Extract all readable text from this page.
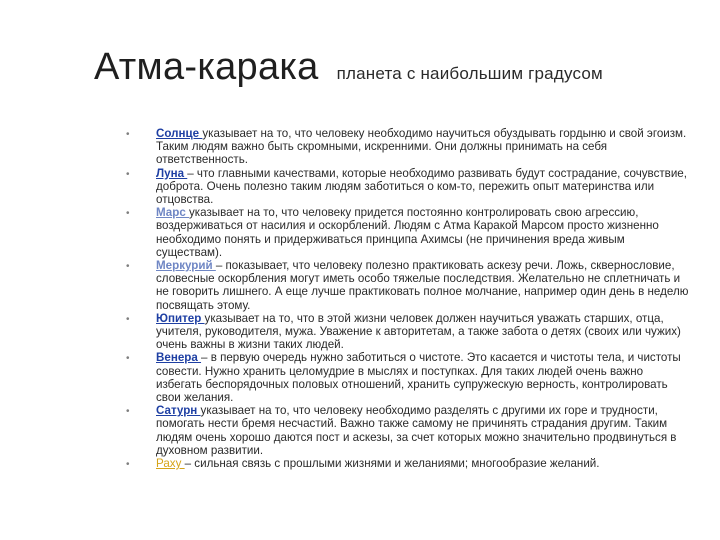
Атма-карака планета с наибольшим градусом
• Солнце указывает на то, что человеку необходимо научиться обуздывать гордыню и свой эгоизм. Таким людям важно быть скромными, искренними. Они должны принимать на себя ответственность.
• Луна – что главными качествами, которые необходимо развивать будут сострадание, сочувствие, доброта. Очень полезно таким людям заботиться о ком-то, пережить опыт материнства или отцовства.
• Марс указывает на то, что человеку придется постоянно контролировать свою агрессию, воздерживаться от насилия и оскорблений. Людям с Атма Каракой Марсом просто жизненно необходимо понять и придерживаться принципа Ахимсы (не причинения вреда живым существам).
• Меркурий – показывает, что человеку полезно практиковать аскезу речи. Ложь, сквернословие, словесные оскорбления могут иметь особо тяжелые последствия. Желательно не сплетничать и не говорить лишнего. А еще лучше практиковать полное молчание, например один день в неделю посвящать этому.
• Юпитер указывает на то, что в этой жизни человек должен научиться уважать старших, отца, учителя, руководителя, мужа. Уважение к авторитетам, а также забота о детях (своих или чужих) очень важны в жизни таких людей.
• Венера – в первую очередь нужно заботиться о чистоте. Это касается и чистоты тела, и чистоты совести. Нужно хранить целомудрие в мыслях и поступках. Для таких людей очень важно избегать беспорядочных половых отношений, хранить супружескую верность, контролировать свои желания.
• Сатурн указывает на то, что человеку необходимо разделять с другими их горе и трудности, помогать нести бремя несчастий. Важно также самому не причинять страдания другим. Таким людям очень хорошо даются пост и аскезы, за счет которых можно значительно продвинуться в духовном развитии.
• Раху – сильная связь с прошлыми жизнями и желаниями; многообразие желаний.
